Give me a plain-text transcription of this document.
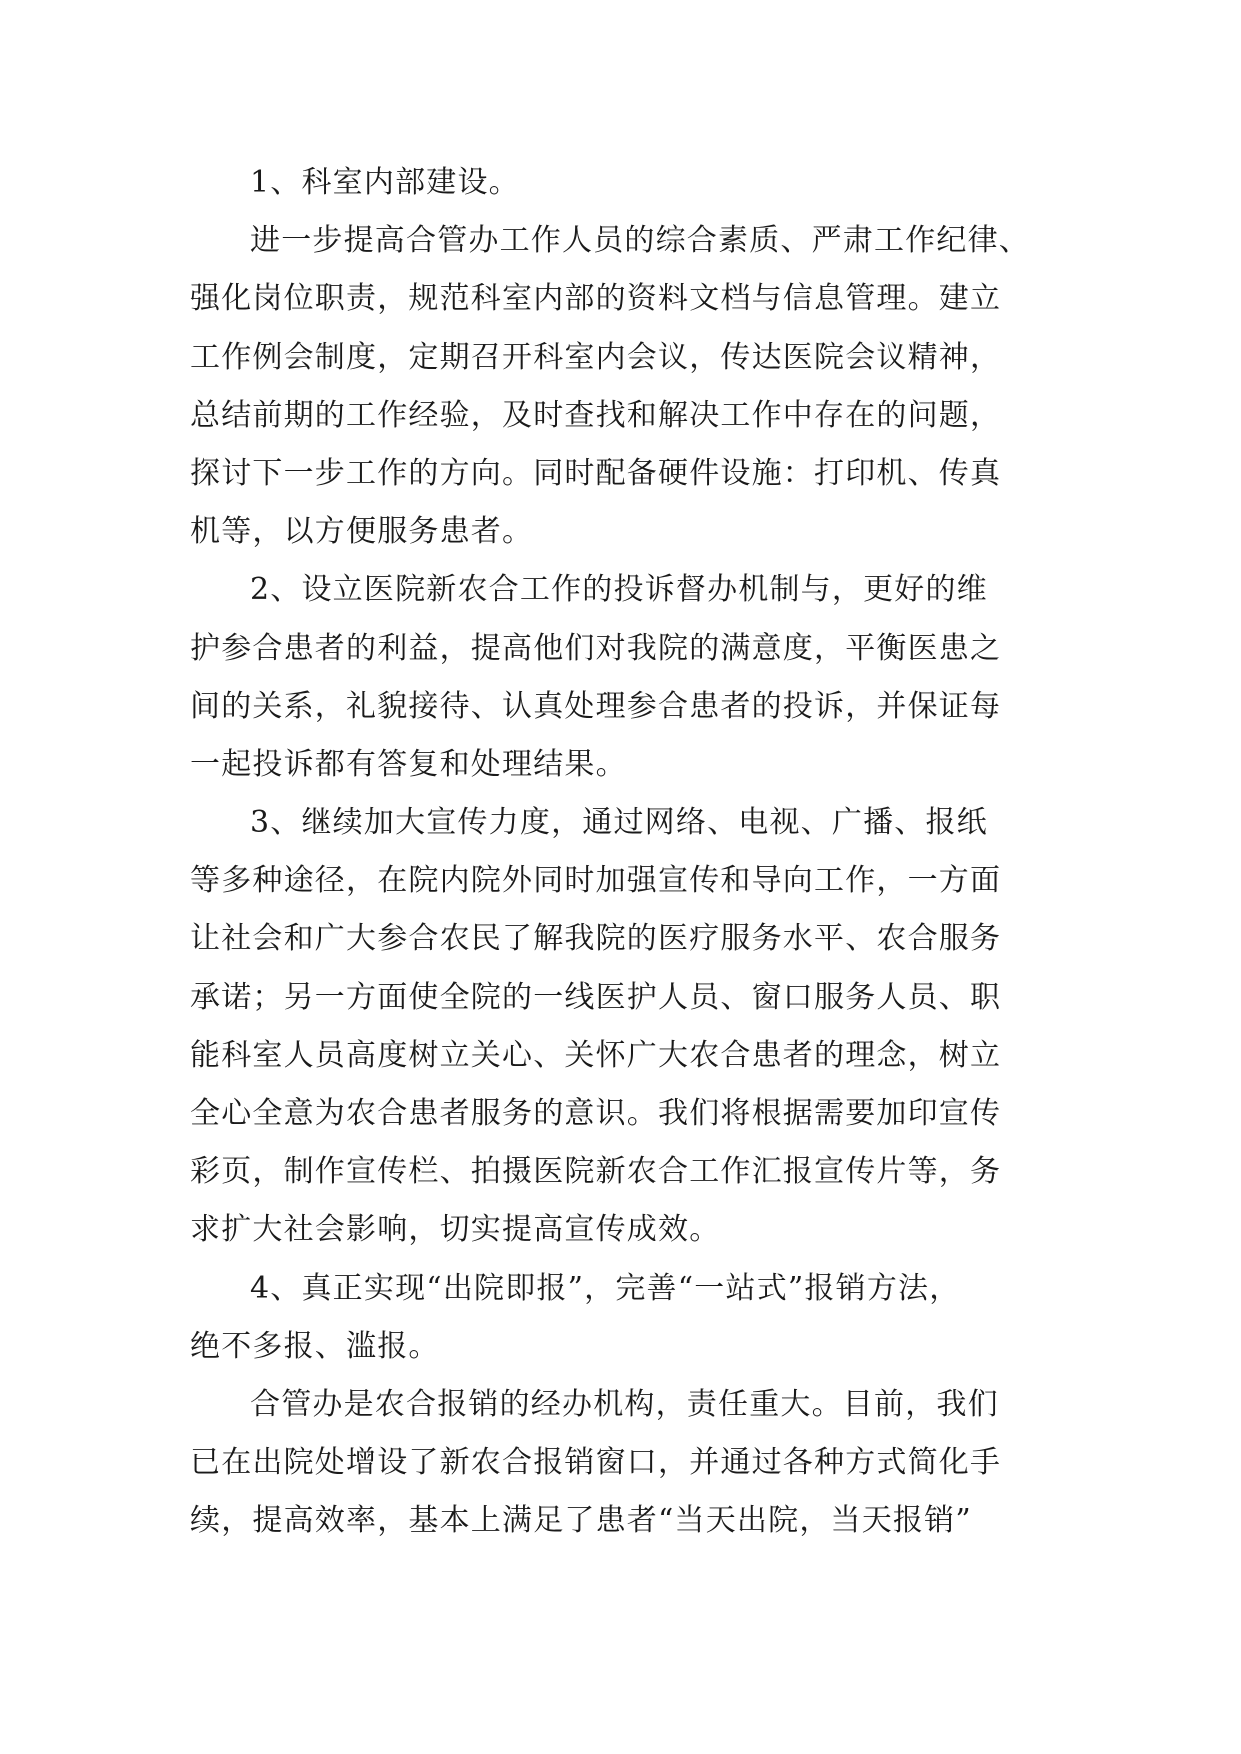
1、科室内部建设。
进一步提高合管办工作人员的综合素质、严肃工作纪律、
强化岗位职责，规范科室内部的资料文档与信息管理。建立
工作例会制度，定期召开科室内会议，传达医院会议精神，
总结前期的工作经验，及时查找和解决工作中存在的问题，
探讨下一步工作的方向。同时配备硬件设施：打印机、传真
机等，以方便服务患者。
2、设立医院新农合工作的投诉督办机制与，更好的维
护参合患者的利益，提高他们对我院的满意度，平衡医患之
间的关系，礼貌接待、认真处理参合患者的投诉，并保证每
一起投诉都有答复和处理结果。
3、继续加大宣传力度，通过网络、电视、广播、报纸
等多种途径，在院内院外同时加强宣传和导向工作，一方面
让社会和广大参合农民了解我院的医疗服务水平、农合服务
承诺；另一方面使全院的一线医护人员、窗口服务人员、职
能科室人员高度树立关心、关怀广大农合患者的理念，树立
全心全意为农合患者服务的意识。我们将根据需要加印宣传
彩页，制作宣传栏、拍摄医院新农合工作汇报宣传片等，务
求扩大社会影响，切实提高宣传成效。
4、真正实现“出院即报”，完善“一站式”报销方法，
绝不多报、滥报。
合管办是农合报销的经办机构，责任重大。目前，我们
已在出院处增设了新农合报销窗口，并通过各种方式简化手
续，提高效率，基本上满足了患者“当天出院，当天报销”
